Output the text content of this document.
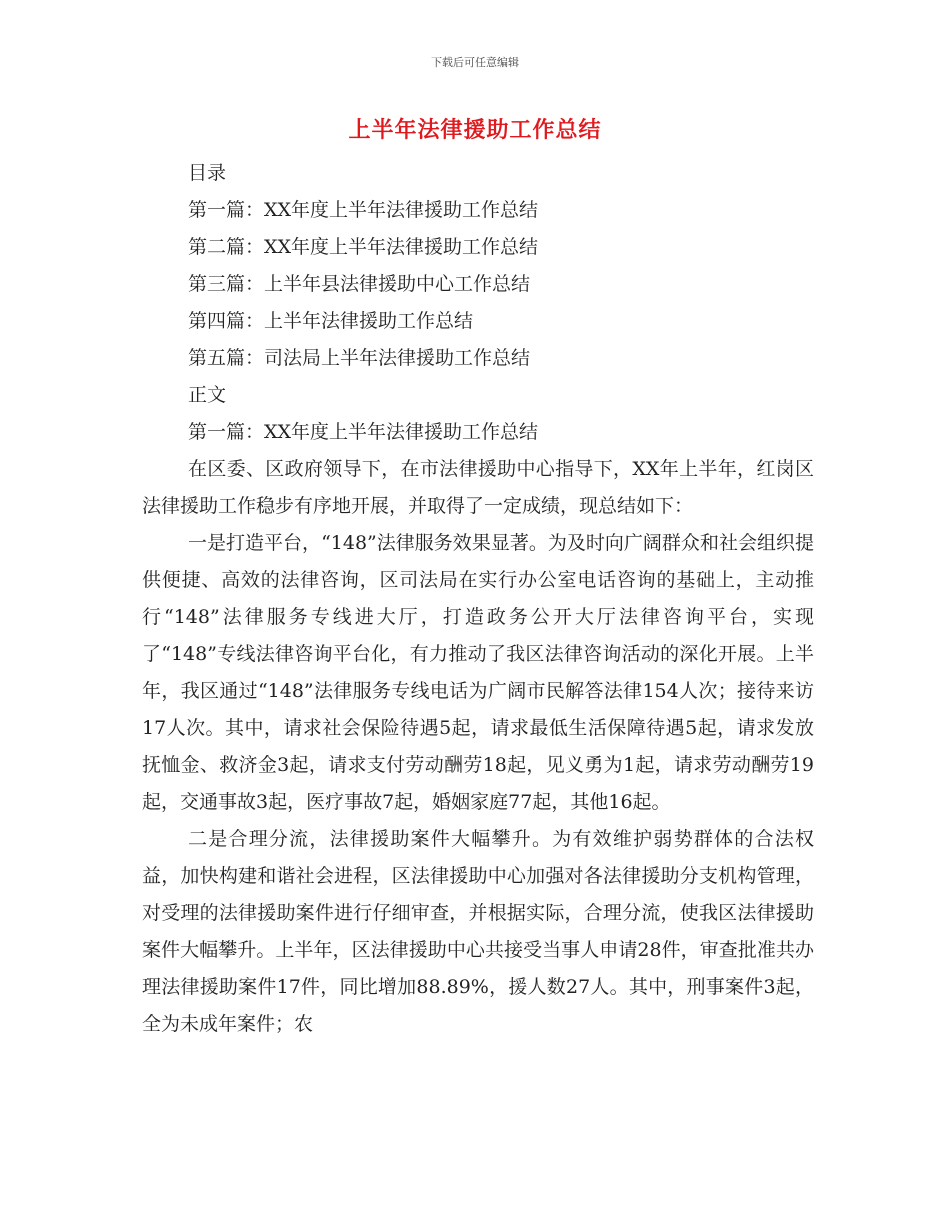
下载后可任意编辑
上半年法律援助工作总结
目录
第一篇：XX年度上半年法律援助工作总结
第二篇：XX年度上半年法律援助工作总结
第三篇：上半年县法律援助中心工作总结
第四篇：上半年法律援助工作总结
第五篇：司法局上半年法律援助工作总结
正文
第一篇：XX年度上半年法律援助工作总结

在区委、区政府领导下，在市法律援助中心指导下，XX年上半年，红岗区法律援助工作稳步有序地开展，并取得了一定成绩，现总结如下：

一是打造平台，“148”法律服务效果显著。为及时向广阔群众和社会组织提供便捷、高效的法律咨询，区司法局在实行办公室电话咨询的基础上，主动推行“148”法律服务专线进大厅，打造政务公开大厅法律咨询平台，实现了“148”专线法律咨询平台化，有力推动了我区法律咨询活动的深化开展。上半年，我区通过“148”法律服务专线电话为广阔市民解答法律154人次；接待来访17人次。其中，请求社会保险待遇5起，请求最低生活保障待遇5起，请求发放抚恤金、救济金3起，请求支付劳动酬劳18起，见义勇为1起，请求劳动酬劳19起，交通事故3起，医疗事故7起，婚姻家庭77起，其他16起。

二是合理分流，法律援助案件大幅攀升。为有效维护弱势群体的合法权益，加快构建和谐社会进程，区法律援助中心加强对各法律援助分支机构管理，对受理的法律援助案件进行仔细审查，并根据实际，合理分流，使我区法律援助案件大幅攀升。上半年，区法律援助中心共接受当事人申请28件，审查批准共办理法律援助案件17件，同比增加88.89%，援人数27人。其中，刑事案件3起，全为未成年案件；农
